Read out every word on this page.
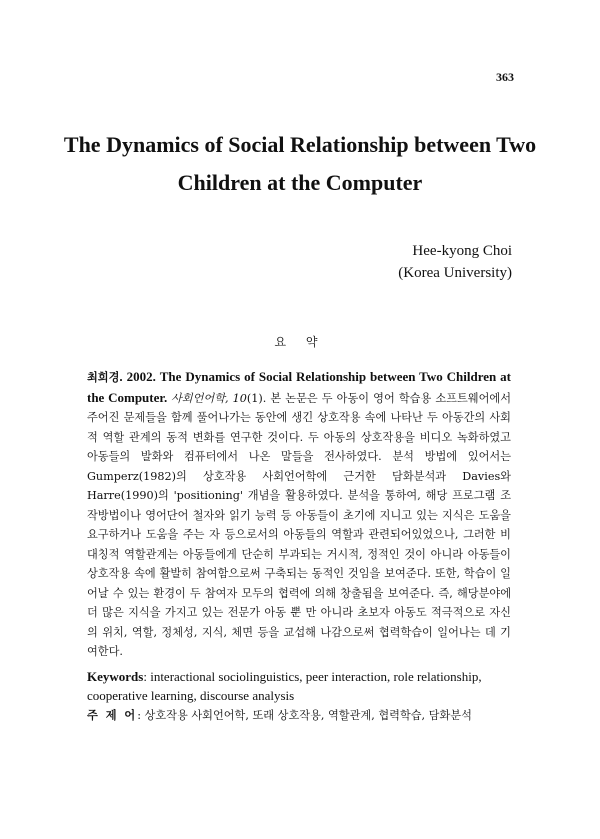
363
The Dynamics of Social Relationship between Two
Children at the Computer
Hee-kyong Choi
(Korea University)
요 약
최희경. 2002. The Dynamics of Social Relationship between Two Children at the Computer. 사회언어학, 10(1). 본 논문은 두 아동이 영어 학습용 소프트웨어에서 주어진 문제들을 함께 풀어나가는 동안에 생긴 상호작용 속에 나타난 두 아동간의 사회적 역할 관계의 동적 변화를 연구한 것이다. 두 아동의 상호작용을 비디오 녹화하였고 아동들의 발화와 컴퓨터에서 나온 말들을 전사하였다. 분석 방법에 있어서는 Gumperz(1982)의 상호작용 사회언어학에 근거한 담화분석과 Davies와 Harre(1990)의 'positioning' 개념을 활용하였다. 분석을 통하여, 해당 프로그램 조작방법이나 영어단어 철자와 읽기 능력 등 아동들이 초기에 지니고 있는 지식은 도움을 요구하거나 도움을 주는 자 등으로서의 아동들의 역할과 관련되어있었으나, 그러한 비대칭적 역할관계는 아동들에게 단순히 부과되는 거시적, 정적인 것이 아니라 아동들이 상호작용 속에 활발히 참여함으로써 구축되는 동적인 것임을 보여준다. 또한, 학습이 일어날 수 있는 환경이 두 참여자 모두의 협력에 의해 창출됨을 보여준다. 즉, 해당분야에 더 많은 지식을 가지고 있는 전문가 아동 뿐 만 아니라 초보자 아동도 적극적으로 자신의 위치, 역할, 정체성, 지식, 체면 등을 교섭해 나감으로써 협력학습이 일어나는 데 기여한다.
Keywords: interactional sociolinguistics, peer interaction, role relationship, cooperative learning, discourse analysis
주 제 어: 상호작용 사회언어학, 또래 상호작용, 역할관계, 협력학습, 담화분석
